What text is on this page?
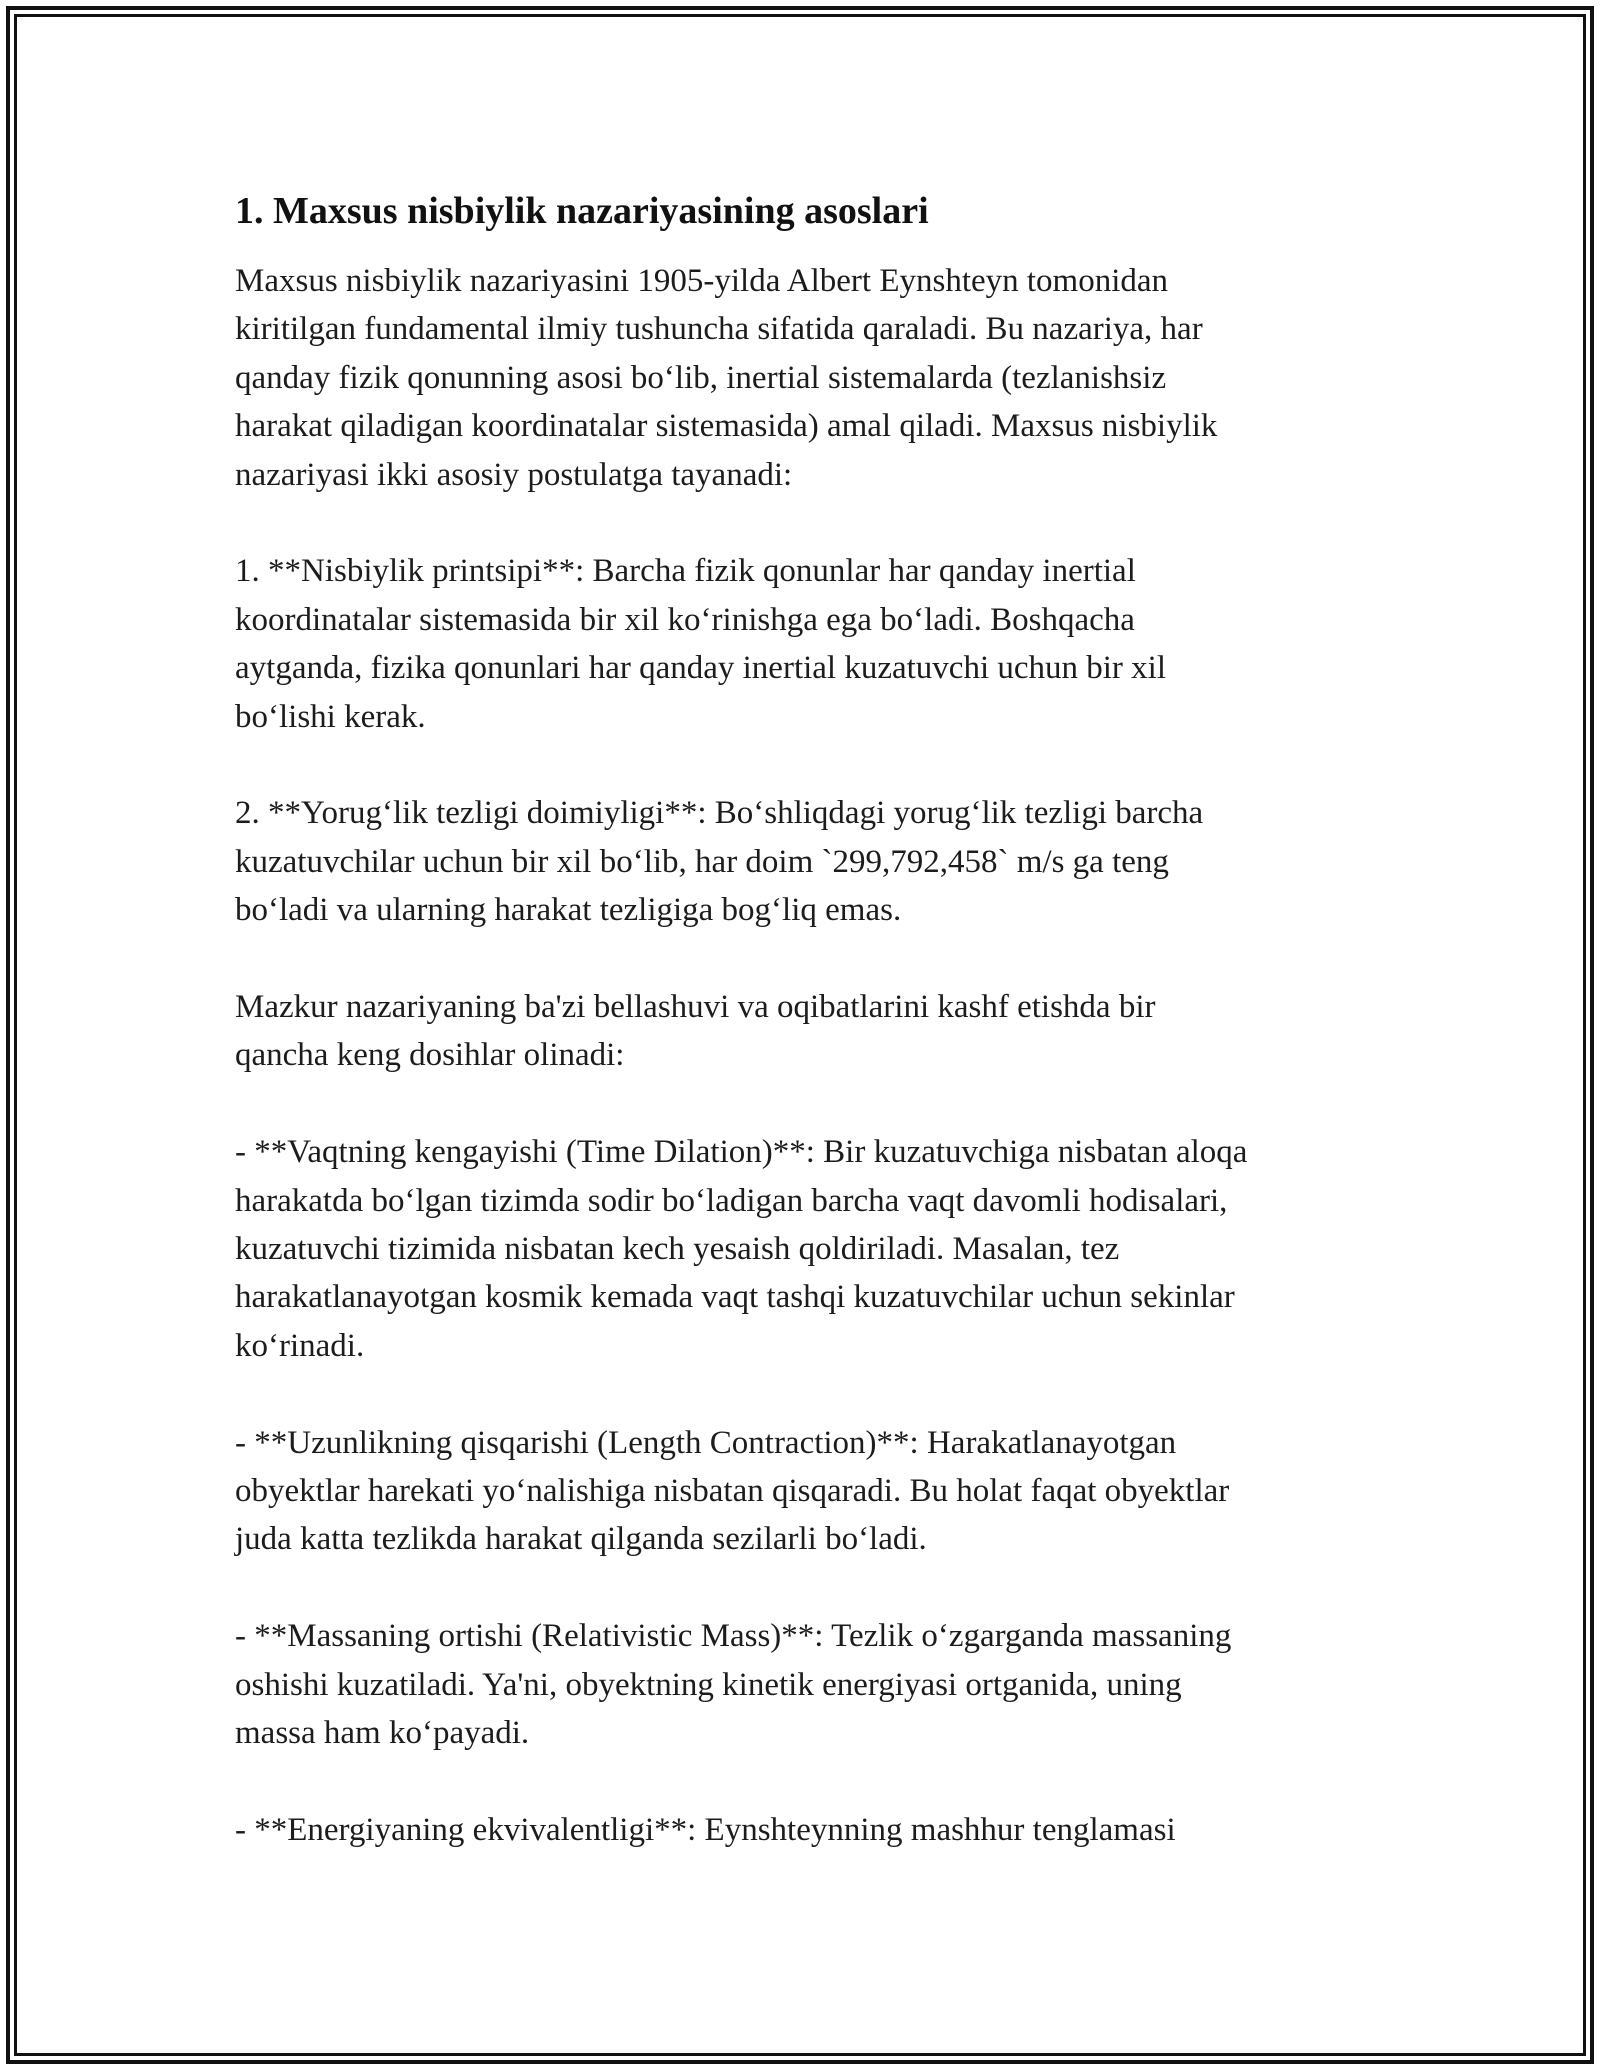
1. Maxsus nisbiylik nazariyasining asoslari

Maxsus nisbiylik nazariyasini 1905-yilda Albert Eynshteyn tomonidan
kiritilgan fundamental ilmiy tushuncha sifatida qaraladi. Bu nazariya, har
qanday fizik qonunning asosi bo‘lib, inertial sistemalarda (tezlanishsiz
harakat qiladigan koordinatalar sistemasida) amal qiladi. Maxsus nisbiylik
nazariyasi ikki asosiy postulatga tayanadi:

1. **Nisbiylik printsipi**: Barcha fizik qonunlar har qanday inertial
koordinatalar sistemasida bir xil ko‘rinishga ega bo‘ladi. Boshqacha
aytganda, fizika qonunlari har qanday inertial kuzatuvchi uchun bir xil
bo‘lishi kerak.

2. **Yorug‘lik tezligi doimiyligi**: Bo‘shliqdagi yorug‘lik tezligi barcha
kuzatuvchilar uchun bir xil bo‘lib, har doim `299,792,458` m/s ga teng
bo‘ladi va ularning harakat tezligiga bog‘liq emas.

Mazkur nazariyaning ba'zi bellashuvi va oqibatlarini kashf etishda bir
qancha keng dosihlar olinadi:

- **Vaqtning kengayishi (Time Dilation)**: Bir kuzatuvchiga nisbatan aloqa
harakatda bo‘lgan tizimda sodir bo‘ladigan barcha vaqt davomli hodisalari,
kuzatuvchi tizimida nisbatan kech yesaish qoldiriladi. Masalan, tez
harakatlanayotgan kosmik kemada vaqt tashqi kuzatuvchilar uchun sekinlar
ko‘rinadi.

- **Uzunlikning qisqarishi (Length Contraction)**: Harakatlanayotgan
obyektlar harekati yo‘nalishiga nisbatan qisqaradi. Bu holat faqat obyektlar
juda katta tezlikda harakat qilganda sezilarli bo‘ladi.

- **Massaning ortishi (Relativistic Mass)**: Tezlik o‘zgarganda massaning
oshishi kuzatiladi. Ya'ni, obyektning kinetik energiyasi ortganida, uning
massa ham ko‘payadi.

- **Energiyaning ekvivalentligi**: Eynshteynning mashhur tenglamasi
